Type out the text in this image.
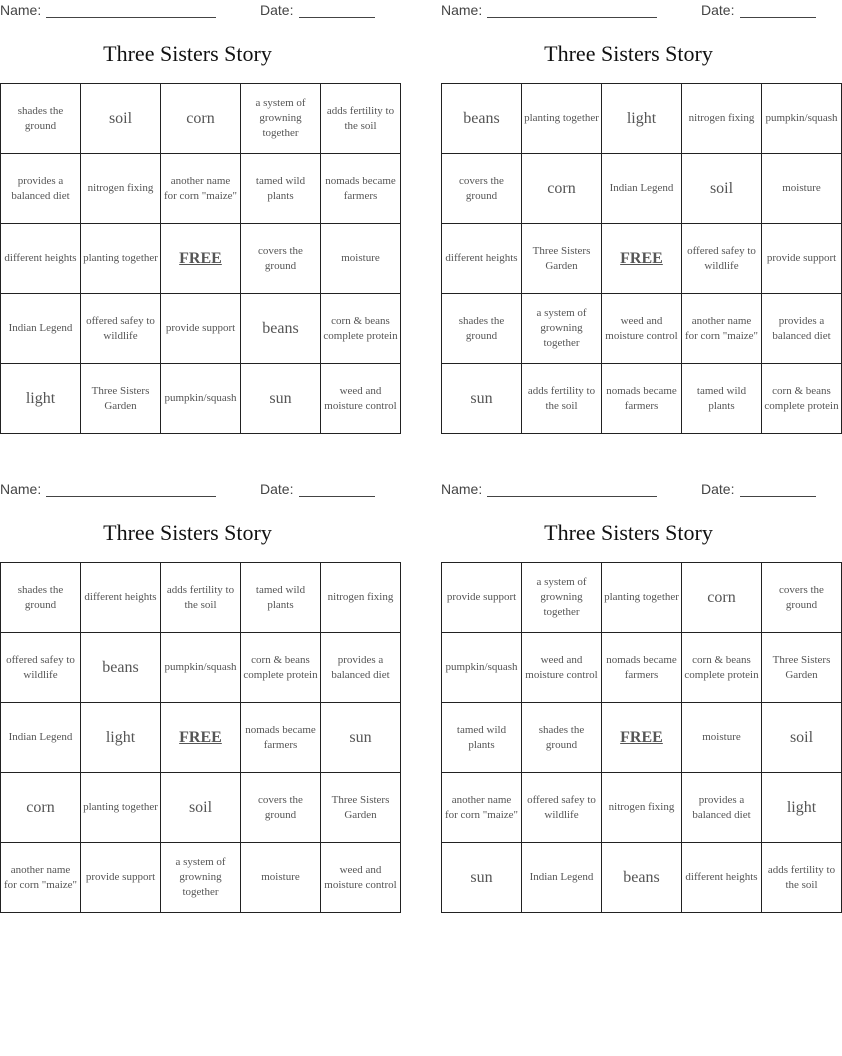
Name:	Date:
Three Sisters Story
shades the ground	soil	corn	a system of growning together	adds fertility to the soil
provides a balanced diet	nitrogen fixing	another name for corn "maize"	tamed wild plants	nomads became farmers
different heights	planting together	FREE	covers the ground	moisture
Indian Legend	offered safey to wildlife	provide support	beans	corn & beans complete protein
light	Three Sisters Garden	pumpkin/squash	sun	weed and moisture control
Name:	Date:
Three Sisters Story
beans	planting together	light	nitrogen fixing	pumpkin/squash
covers the ground	corn	Indian Legend	soil	moisture
different heights	Three Sisters Garden	FREE	offered safey to wildlife	provide support
shades the ground	a system of growning together	weed and moisture control	another name for corn "maize"	provides a balanced diet
sun	adds fertility to the soil	nomads became farmers	tamed wild plants	corn & beans complete protein
Name:	Date:
Three Sisters Story
shades the ground	different heights	adds fertility to the soil	tamed wild plants	nitrogen fixing
offered safey to wildlife	beans	pumpkin/squash	corn & beans complete protein	provides a balanced diet
Indian Legend	light	FREE	nomads became farmers	sun
corn	planting together	soil	covers the ground	Three Sisters Garden
another name for corn "maize"	provide support	a system of growning together	moisture	weed and moisture control
Name:	Date:
Three Sisters Story
provide support	a system of growning together	planting together	corn	covers the ground
pumpkin/squash	weed and moisture control	nomads became farmers	corn & beans complete protein	Three Sisters Garden
tamed wild plants	shades the ground	FREE	moisture	soil
another name for corn "maize"	offered safey to wildlife	nitrogen fixing	provides a balanced diet	light
sun	Indian Legend	beans	different heights	adds fertility to the soil
